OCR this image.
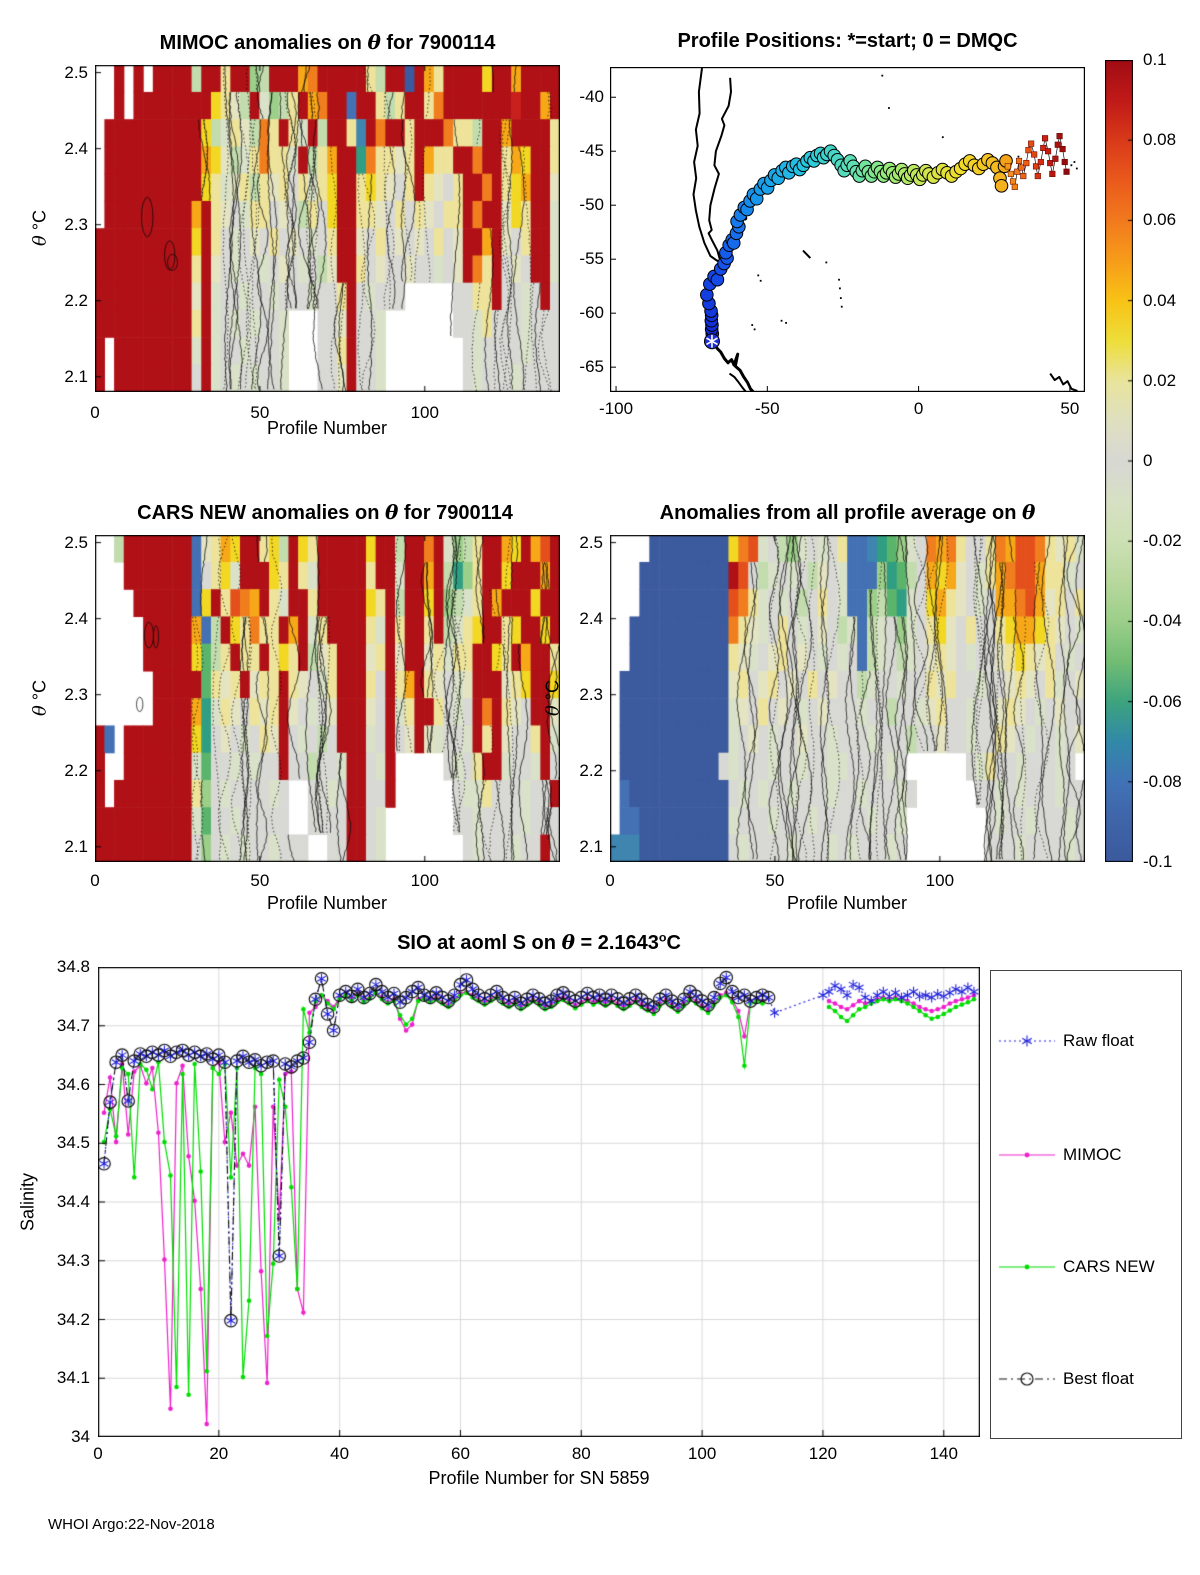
MIMOC anomalies on θ for 7900114	Profile Positions: *=start; 0 = DMQC
CARS NEW anomalies on θ for 7900114	Anomalies from all profile average on θ
SIO at aoml S on $\theta = 2.1643^oC$
Profile Number
θ °C
Profile Number
θ °C
Profile Number
θ °C
Profile Number for SN 5859
Salinity
Raw float
MIMOC
CARS NEW
Best float
0	50	100
2.5
2.4
2.3
2.2
2.1
0	50	100
2.5
2.4
2.3
2.2
2.1
0	50	100
2.5
2.4
2.3
2.2
2.1
0.1
0.08
0.06
0.04
0.02
0
-0.02
-0.04
-0.06
-0.08
-0.1
-100	-50	0	50
-40
-45
-50
-55
-60
-65
0	20	40	60	80	100	120	140
34
34.1
34.2
34.3
34.4
34.5
34.6
34.7
34.8
WHOI Argo:22-Nov-2018
